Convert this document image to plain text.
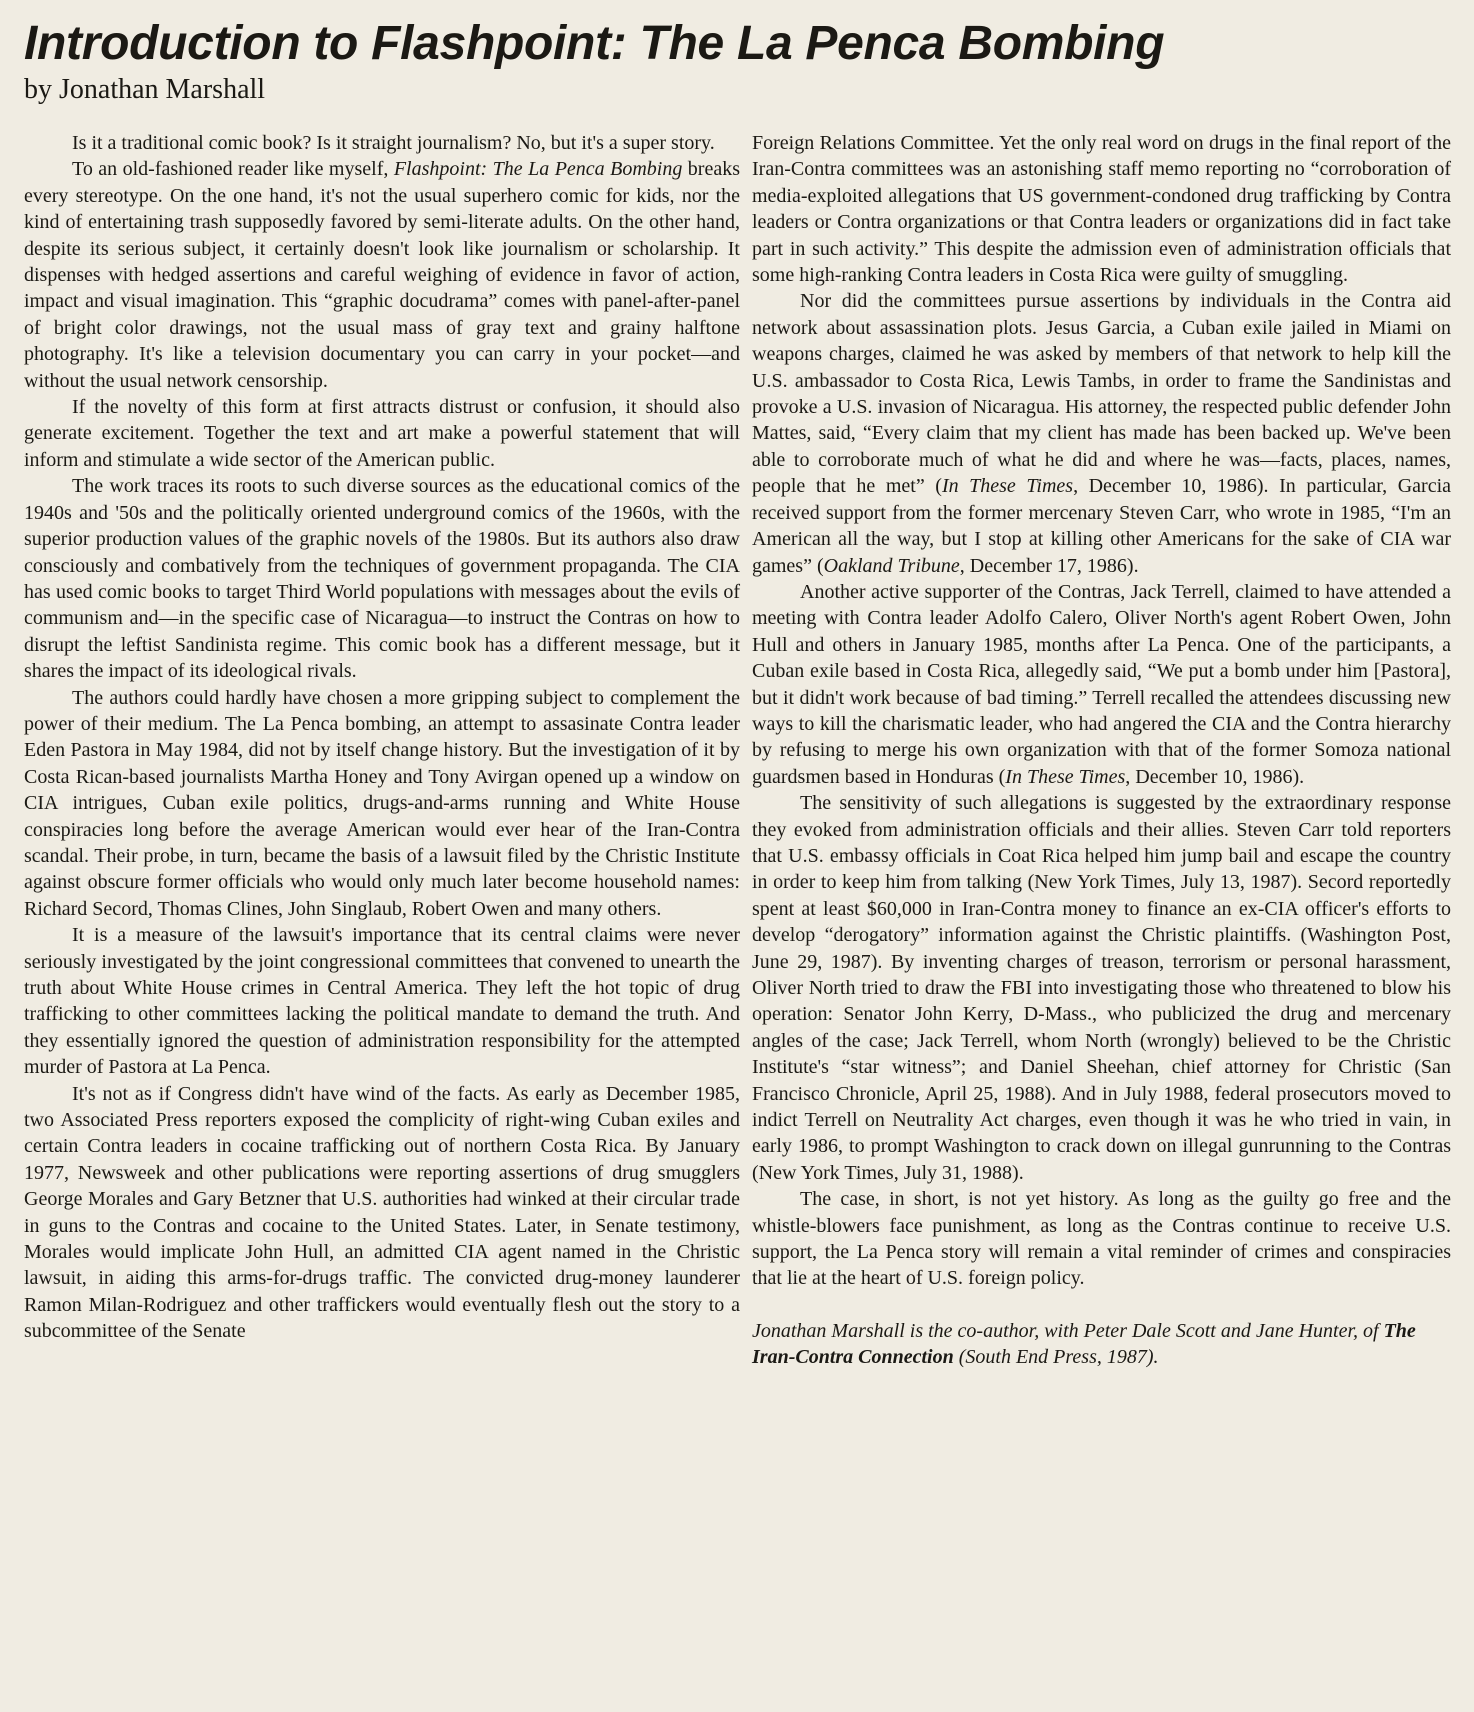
Introduction to Flashpoint: The La Penca Bombing
by Jonathan Marshall

Is it a traditional comic book? Is it straight journalism? No, but it's a super story.

To an old-fashioned reader like myself, Flashpoint: The La Penca Bombing breaks every stereotype. On the one hand, it's not the usual superhero comic for kids, nor the kind of entertaining trash supposedly favored by semi-literate adults. On the other hand, despite its serious subject, it certainly doesn't look like journalism or scholarship. It dispenses with hedged assertions and careful weighing of evidence in favor of action, impact and visual imagination. This “graphic docudrama” comes with panel-after-panel of bright color drawings, not the usual mass of gray text and grainy halftone photography. It's like a television documentary you can carry in your pocket—and without the usual network censorship.

If the novelty of this form at first attracts distrust or confusion, it should also generate excitement. Together the text and art make a powerful statement that will inform and stimulate a wide sector of the American public.

The work traces its roots to such diverse sources as the educational comics of the 1940s and '50s and the politically oriented underground comics of the 1960s, with the superior production values of the graphic novels of the 1980s. But its authors also draw consciously and combatively from the techniques of government propaganda. The CIA has used comic books to target Third World populations with messages about the evils of communism and—in the specific case of Nicaragua—to instruct the Contras on how to disrupt the leftist Sandinista regime. This comic book has a different message, but it shares the impact of its ideological rivals.

The authors could hardly have chosen a more gripping subject to complement the power of their medium. The La Penca bombing, an attempt to assasinate Contra leader Eden Pastora in May 1984, did not by itself change history. But the investigation of it by Costa Rican-based journalists Martha Honey and Tony Avirgan opened up a window on CIA intrigues, Cuban exile politics, drugs-and-arms running and White House conspiracies long before the average American would ever hear of the Iran-Contra scandal. Their probe, in turn, became the basis of a lawsuit filed by the Christic Institute against obscure former officials who would only much later become household names: Richard Secord, Thomas Clines, John Singlaub, Robert Owen and many others.

It is a measure of the lawsuit's importance that its central claims were never seriously investigated by the joint congressional committees that convened to unearth the truth about White House crimes in Central America. They left the hot topic of drug trafficking to other committees lacking the political mandate to demand the truth. And they essentially ignored the question of administration responsibility for the attempted murder of Pastora at La Penca.

It's not as if Congress didn't have wind of the facts. As early as December 1985, two Associated Press reporters exposed the complicity of right-wing Cuban exiles and certain Contra leaders in cocaine trafficking out of northern Costa Rica. By January 1977, Newsweek and other publications were reporting assertions of drug smugglers George Morales and Gary Betzner that U.S. authorities had winked at their circular trade in guns to the Contras and cocaine to the United States. Later, in Senate testimony, Morales would implicate John Hull, an admitted CIA agent named in the Christic lawsuit, in aiding this arms-for-drugs traffic. The convicted drug-money launderer Ramon Milan-Rodriguez and other traffickers would eventually flesh out the story to a subcommittee of the Senate

Foreign Relations Committee. Yet the only real word on drugs in the final report of the Iran-Contra committees was an astonishing staff memo reporting no “corroboration of media-exploited allegations that US government-condoned drug trafficking by Contra leaders or Contra organizations or that Contra leaders or organizations did in fact take part in such activity.” This despite the admission even of administration officials that some high-ranking Contra leaders in Costa Rica were guilty of smuggling.

Nor did the committees pursue assertions by individuals in the Contra aid network about assassination plots. Jesus Garcia, a Cuban exile jailed in Miami on weapons charges, claimed he was asked by members of that network to help kill the U.S. ambassador to Costa Rica, Lewis Tambs, in order to frame the Sandinistas and provoke a U.S. invasion of Nicaragua. His attorney, the respected public defender John Mattes, said, “Every claim that my client has made has been backed up. We've been able to corroborate much of what he did and where he was—facts, places, names, people that he met” (In These Times, December 10, 1986). In particular, Garcia received support from the former mercenary Steven Carr, who wrote in 1985, “I'm an American all the way, but I stop at killing other Americans for the sake of CIA war games” (Oakland Tribune, December 17, 1986).

Another active supporter of the Contras, Jack Terrell, claimed to have attended a meeting with Contra leader Adolfo Calero, Oliver North's agent Robert Owen, John Hull and others in January 1985, months after La Penca. One of the participants, a Cuban exile based in Costa Rica, allegedly said, “We put a bomb under him [Pastora], but it didn't work because of bad timing.” Terrell recalled the attendees discussing new ways to kill the charismatic leader, who had angered the CIA and the Contra hierarchy by refusing to merge his own organization with that of the former Somoza national guardsmen based in Honduras (In These Times, December 10, 1986).

The sensitivity of such allegations is suggested by the extraordinary response they evoked from administration officials and their allies. Steven Carr told reporters that U.S. embassy officials in Coat Rica helped him jump bail and escape the country in order to keep him from talking (New York Times, July 13, 1987). Secord reportedly spent at least $60,000 in Iran-Contra money to finance an ex-CIA officer's efforts to develop “derogatory” information against the Christic plaintiffs. (Washington Post, June 29, 1987). By inventing charges of treason, terrorism or personal harassment, Oliver North tried to draw the FBI into investigating those who threatened to blow his operation: Senator John Kerry, D-Mass., who publicized the drug and mercenary angles of the case; Jack Terrell, whom North (wrongly) believed to be the Christic Institute's “star witness”; and Daniel Sheehan, chief attorney for Christic (San Francisco Chronicle, April 25, 1988). And in July 1988, federal prosecutors moved to indict Terrell on Neutrality Act charges, even though it was he who tried in vain, in early 1986, to prompt Washington to crack down on illegal gunrunning to the Contras (New York Times, July 31, 1988).

The case, in short, is not yet history. As long as the guilty go free and the whistle-blowers face punishment, as long as the Contras continue to receive U.S. support, the La Penca story will remain a vital reminder of crimes and conspiracies that lie at the heart of U.S. foreign policy.

Jonathan Marshall is the co-author, with Peter Dale Scott and Jane Hunter, of The Iran-Contra Connection (South End Press, 1987).
